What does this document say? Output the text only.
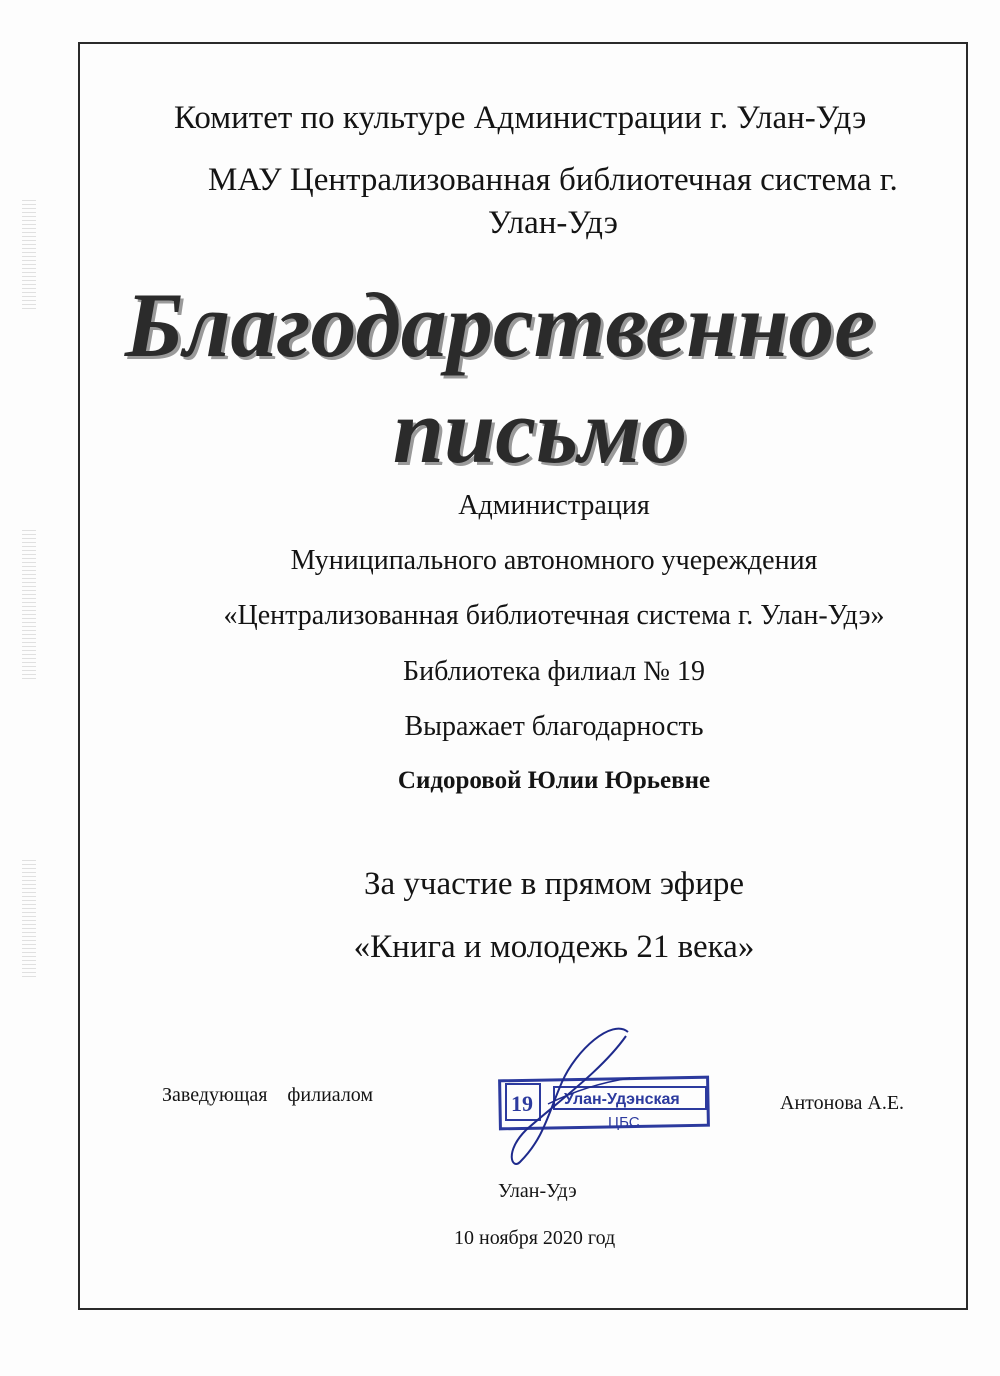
Комитет по культуре Администрации г. Улан-Удэ
МАУ Централизованная библиотечная система г.
Улан-Удэ
Благодарственное
письмо
Администрация
Муниципального автономного учереждения
«Централизованная библиотечная система г. Улан-Удэ»
Библиотека филиал № 19
Выражает благодарность
Сидоровой Юлии Юрьевне
За участие в прямом эфире
«Книга и молодежь 21 века»
Заведующая    филиалом	19 Улан-Удэнская
ЦБС
Антонова А.Е.
Улан-Удэ
10 ноября 2020 год
